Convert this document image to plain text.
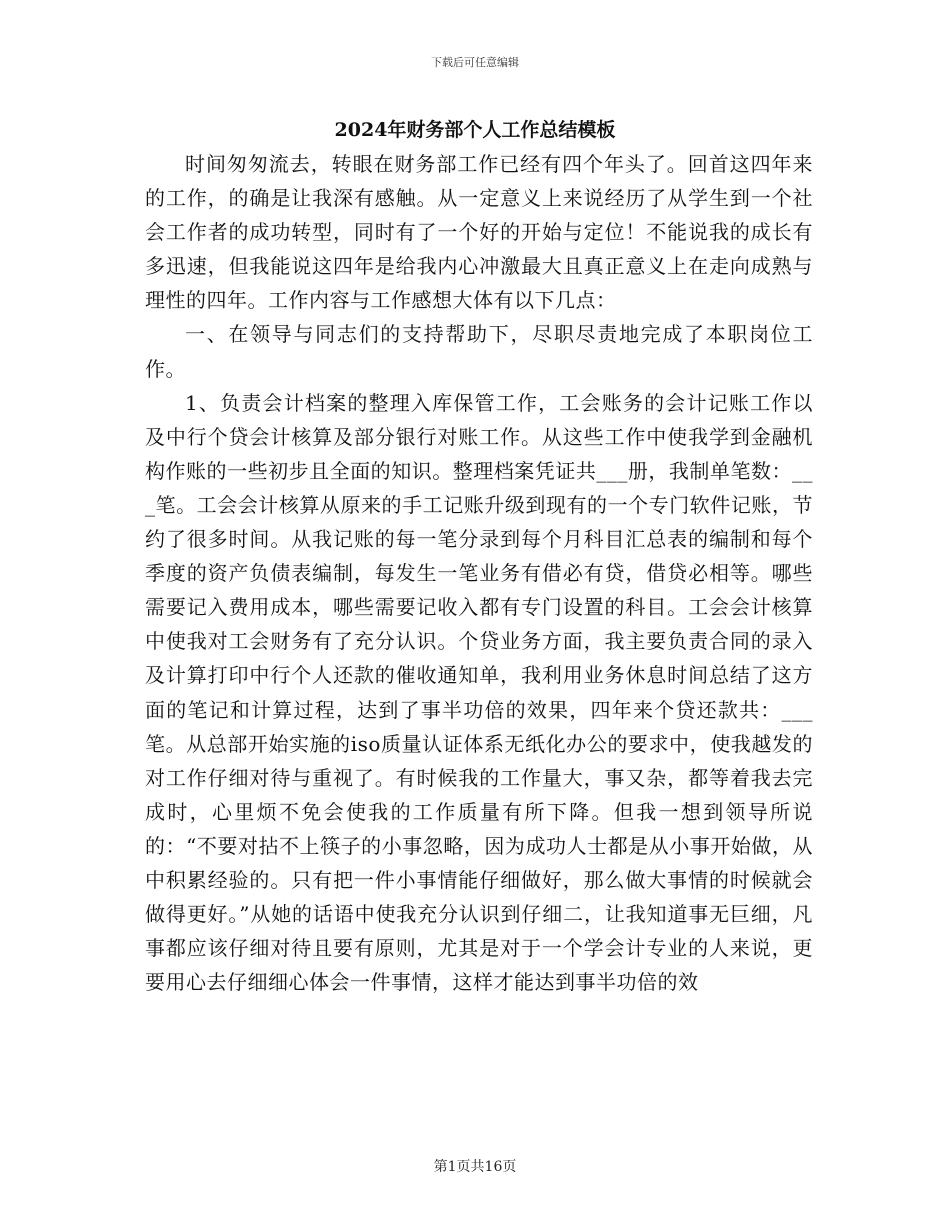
下载后可任意编辑
2024年财务部个人工作总结模板

时间匆匆流去，转眼在财务部工作已经有四个年头了。回首这四年来的工作，的确是让我深有感触。从一定意义上来说经历了从学生到一个社会工作者的成功转型，同时有了一个好的开始与定位！不能说我的成长有多迅速，但我能说这四年是给我内心冲激最大且真正意义上在走向成熟与理性的四年。工作内容与工作感想大体有以下几点：

一、在领导与同志们的支持帮助下，尽职尽责地完成了本职岗位工作。

1、负责会计档案的整理入库保管工作，工会账务的会计记账工作以及中行个贷会计核算及部分银行对账工作。从这些工作中使我学到金融机构作账的一些初步且全面的知识。整理档案凭证共___册，我制单笔数：___笔。工会会计核算从原来的手工记账升级到现有的一个专门软件记账，节约了很多时间。从我记账的每一笔分录到每个月科目汇总表的编制和每个季度的资产负债表编制，每发生一笔业务有借必有贷，借贷必相等。哪些需要记入费用成本，哪些需要记收入都有专门设置的科目。工会会计核算中使我对工会财务有了充分认识。个贷业务方面，我主要负责合同的录入及计算打印中行个人还款的催收通知单，我利用业务休息时间总结了这方面的笔记和计算过程，达到了事半功倍的效果，四年来个贷还款共：___笔。从总部开始实施的iso质量认证体系无纸化办公的要求中，使我越发的对工作仔细对待与重视了。有时候我的工作量大，事又杂，都等着我去完成时，心里烦不免会使我的工作质量有所下降。但我一想到领导所说的：“不要对拈不上筷子的小事忽略，因为成功人士都是从小事开始做，从中积累经验的。只有把一件小事情能仔细做好，那么做大事情的时候就会做得更好。”从她的话语中使我充分认识到仔细二，让我知道事无巨细，凡事都应该仔细对待且要有原则，尤其是对于一个学会计专业的人来说，更要用心去仔细细心体会一件事情，这样才能达到事半功倍的效

第1页共16页
